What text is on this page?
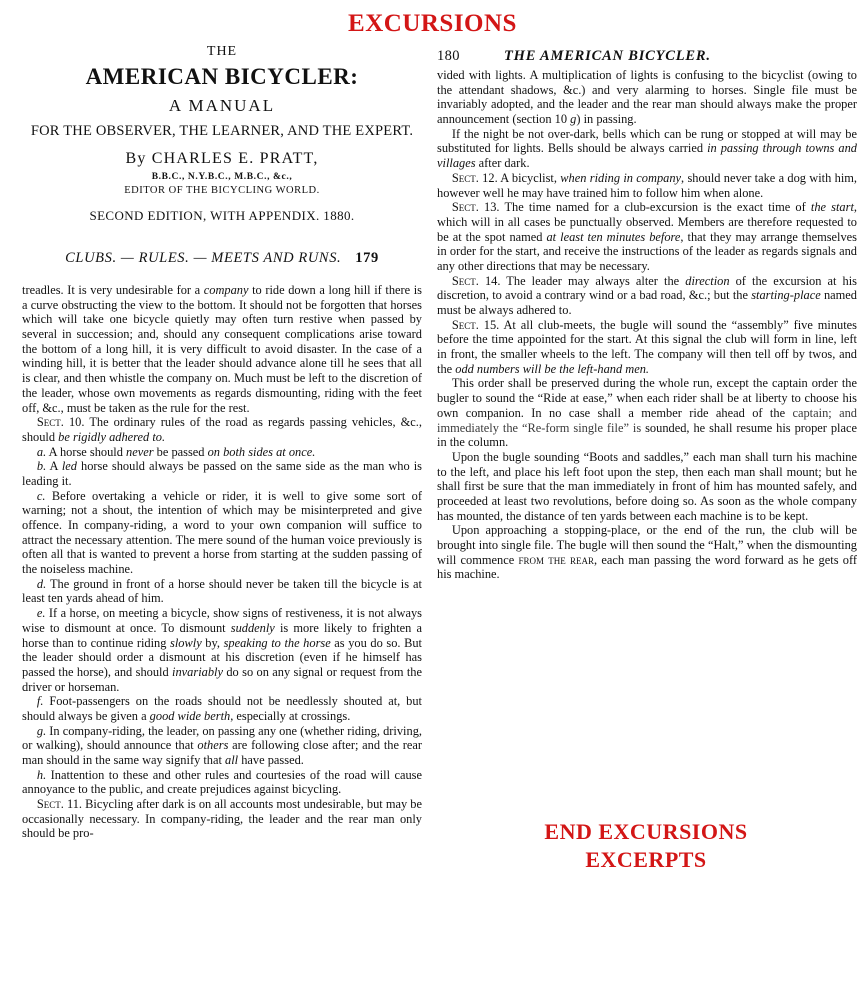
EXCURSIONS
THE
AMERICAN BICYCLER:
A MANUAL
FOR THE OBSERVER, THE LEARNER, AND THE EXPERT.
By CHARLES E. PRATT,
B.B.C., N.Y.B.C., M.B.C., &c.,
EDITOR OF THE BICYCLING WORLD.
SECOND EDITION, WITH APPENDIX. 1880.
CLUBS. — RULES. — MEETS AND RUNS. 179
180	THE AMERICAN BICYCLER.

treadles. It is very undesirable for a company to ride down a long hill if there is a curve obstructing the view to the bottom. It should not be forgotten that horses which will take one bicycle quietly may often turn restive when passed by several in succession; and, should any consequent complications arise toward the bottom of a long hill, it is very difficult to avoid disaster. In the case of a winding hill, it is better that the leader should advance alone till he sees that all is clear, and then whistle the company on. Much must be left to the discretion of the leader, whose own movements as regards dismounting, riding with the feet off, &c., must be taken as the rule for the rest.

Sect. 10. The ordinary rules of the road as regards passing vehicles, &c., should be rigidly adhered to.

a. A horse should never be passed on both sides at once.

b. A led horse should always be passed on the same side as the man who is leading it.

c. Before overtaking a vehicle or rider, it is well to give some sort of warning; not a shout, the intention of which may be misinterpreted and give offence. In company-riding, a word to your own companion will suffice to attract the necessary attention. The mere sound of the human voice previously is often all that is wanted to prevent a horse from starting at the sudden passing of the noiseless machine.

d. The ground in front of a horse should never be taken till the bicycle is at least ten yards ahead of him.

e. If a horse, on meeting a bicycle, show signs of restiveness, it is not always wise to dismount at once. To dismount suddenly is more likely to frighten a horse than to continue riding slowly by, speaking to the horse as you do so. But the leader should order a dismount at his discretion (even if he himself has passed the horse), and should invariably do so on any signal or request from the driver or horseman.

f. Foot-passengers on the roads should not be needlessly shouted at, but should always be given a good wide berth, especially at crossings.

g. In company-riding, the leader, on passing any one (whether riding, driving, or walking), should announce that others are following close after; and the rear man should in the same way signify that all have passed.

h. Inattention to these and other rules and courtesies of the road will cause annoyance to the public, and create prejudices against bicycling.

Sect. 11. Bicycling after dark is on all accounts most undesirable, but may be occasionally necessary. In company-riding, the leader and the rear man only should be pro-

vided with lights. A multiplication of lights is confusing to the bicyclist (owing to the attendant shadows, &c.) and very alarming to horses. Single file must be invariably adopted, and the leader and the rear man should always make the proper announcement (section 10 g) in passing.

If the night be not over-dark, bells which can be rung or stopped at will may be substituted for lights. Bells should be always carried in passing through towns and villages after dark.

Sect. 12. A bicyclist, when riding in company, should never take a dog with him, however well he may have trained him to follow him when alone.

Sect. 13. The time named for a club-excursion is the exact time of the start, which will in all cases be punctually observed. Members are therefore requested to be at the spot named at least ten minutes before, that they may arrange themselves in order for the start, and receive the instructions of the leader as regards signals and any other directions that may be necessary.

Sect. 14. The leader may always alter the direction of the excursion at his discretion, to avoid a contrary wind or a bad road, &c.; but the starting-place named must be always adhered to.

Sect. 15. At all club-meets, the bugle will sound the “assembly” five minutes before the time appointed for the start. At this signal the club will form in line, left in front, the smaller wheels to the left. The company will then tell off by twos, and the odd numbers will be the left-hand men.

This order shall be preserved during the whole run, except the captain order the bugler to sound the “Ride at ease,” when each rider shall be at liberty to choose his own companion. In no case shall a member ride ahead of the captain; and immediately the “Re-form single file” is sounded, he shall resume his proper place in the column.

Upon the bugle sounding “Boots and saddles,” each man shall turn his machine to the left, and place his left foot upon the step, then each man shall mount; but he shall first be sure that the man immediately in front of him has mounted safely, and proceeded at least two revolutions, before doing so. As soon as the whole company has mounted, the distance of ten yards between each machine is to be kept.

Upon approaching a stopping-place, or the end of the run, the club will be brought into single file. The bugle will then sound the “Halt,” when the dismounting will commence from the rear, each man passing the word forward as he gets off his machine.

END EXCURSIONS
EXCERPTS
